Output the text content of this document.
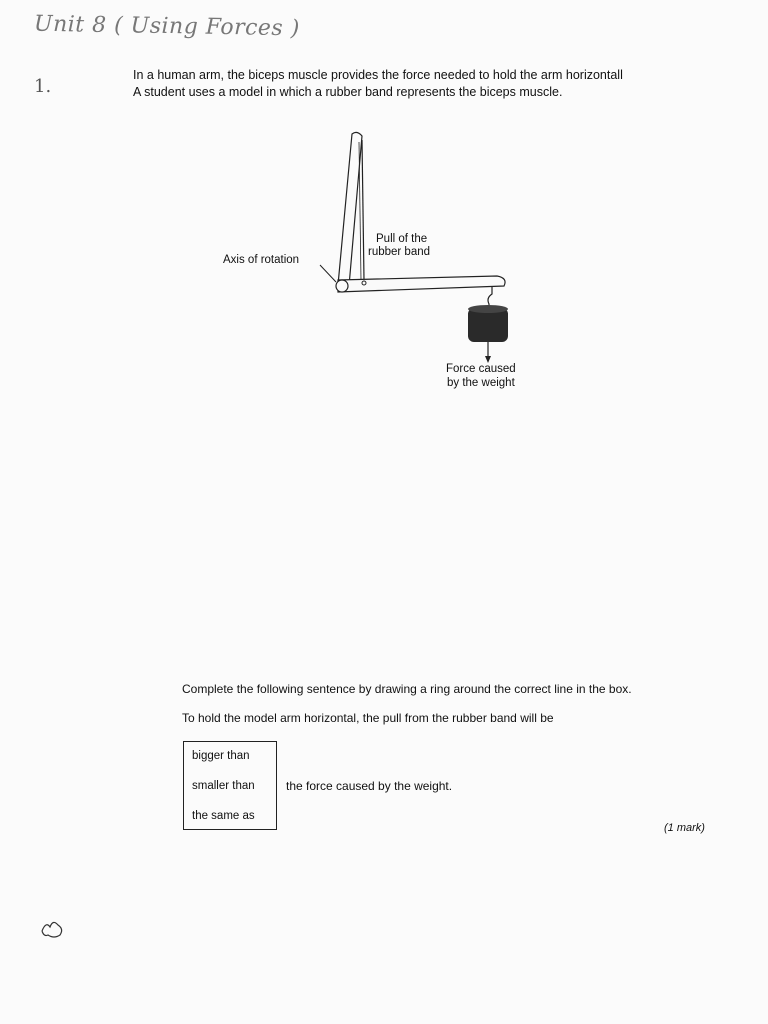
Unit 8 ( Using Forces )
1.
In a human arm, the biceps muscle provides the force needed to hold the arm horizontall
A student uses a model in which a rubber band represents the biceps muscle.
Axis of rotation
Pull of the
rubber band
Force caused
by the weight
Complete the following sentence by drawing a ring around the correct line in the box.
To hold the model arm horizontal, the pull from the rubber band will be
bigger than
smaller than
the same as
the force caused by the weight.
(1 mark)
